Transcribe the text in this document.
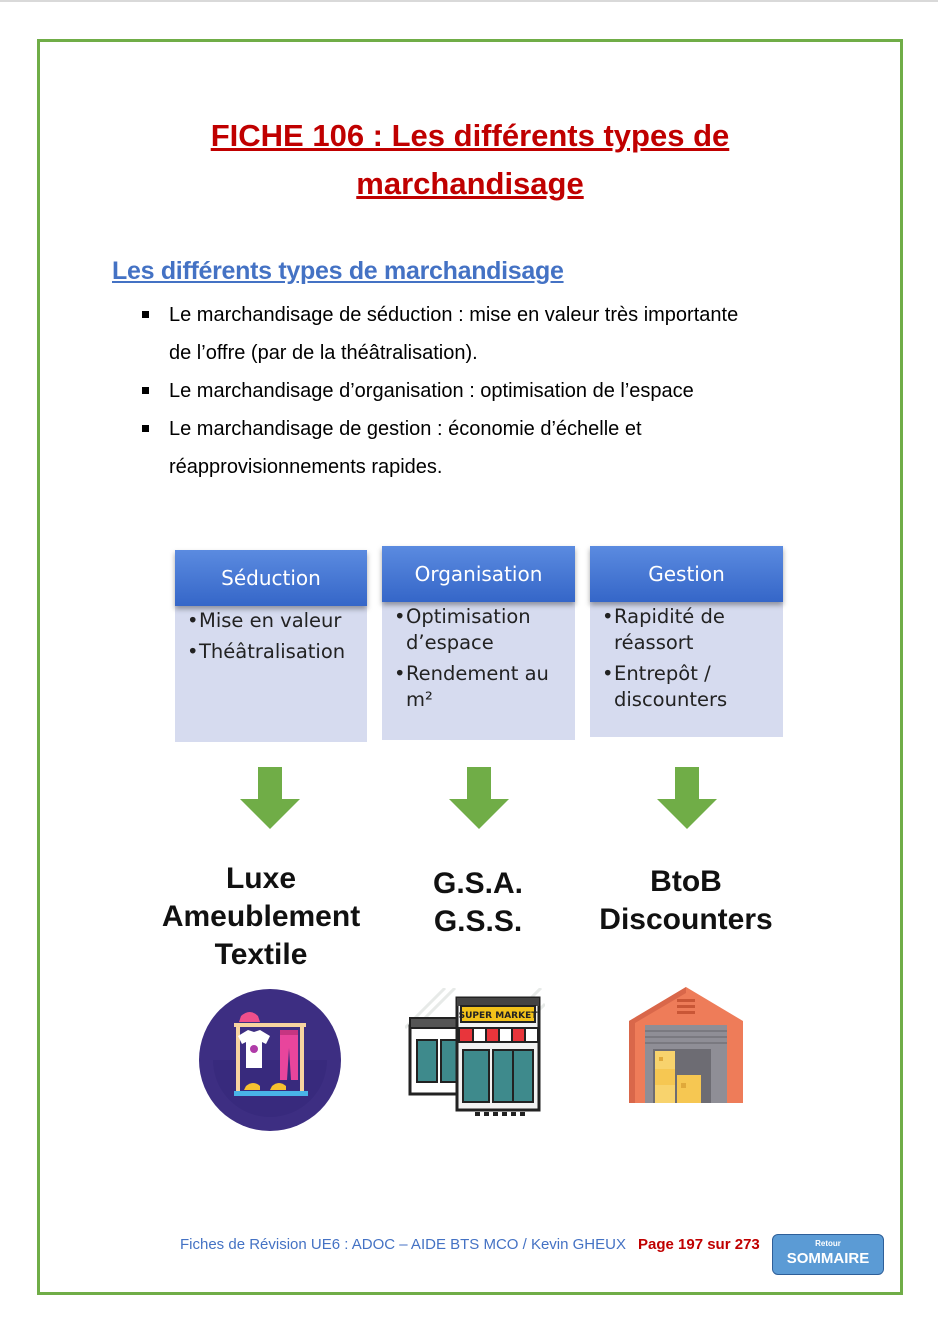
FICHE 106 : Les différents types de
marchandisage
Les différents types de marchandisage
Le marchandisage de séduction : mise en valeur très importante
de l’offre (par de la théâtralisation).
Le marchandisage d’organisation : optimisation de l’espace
Le marchandisage de gestion : économie d’échelle et
réapprovisionnements rapides.
• Mise en valeur
• Théâtralisation
Séduction
• Optimisation d’espace
• Rendement au m²
Organisation
• Rapidité de réassort
• Entrepôt / discounters
Gestion
Luxe
Ameublement
Textile
G.S.A.
G.S.S.
BtoB
Discounters
SUPER MARKET
Fiches de Révision UE6 : ADOC – AIDE BTS MCO / Kevin GHEUX Page 197 sur 273	Retour
SOMMAIRE
